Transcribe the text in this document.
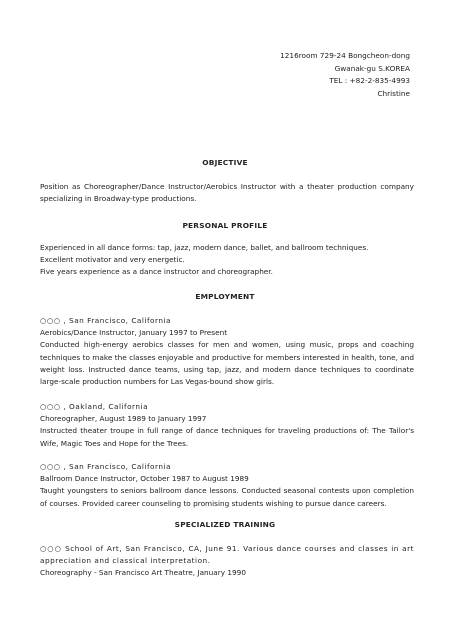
1216room 729-24 Bongcheon-dong
Gwanak-gu S.KOREA
TEL : +82-2-835-4993
Christine
OBJECTIVE
Position as Choreographer/Dance Instructor/Aerobics Instructor with a theater production company specializing in Broadway-type productions.
PERSONAL PROFILE
Experienced in all dance forms: tap, jazz, modern dance, ballet, and ballroom techniques.
Excellent motivator and very energetic.
Five years experience as a dance instructor and choreographer.
EMPLOYMENT
○○○ , San Francisco, California
Aerobics/Dance Instructor, January 1997 to Present
Conducted high-energy aerobics classes for men and women, using music, props and coaching techniques to make the classes enjoyable and productive for members interested in health, tone, and weight loss. Instructed dance teams, using tap, jazz, and modern dance techniques to coordinate large-scale production numbers for Las Vegas-bound show girls.
○○○ , Oakland, California
Choreographer, August 1989 to January 1997
Instructed theater troupe in full range of dance techniques for traveling productions of: The Tailor's Wife, Magic Toes and Hope for the Trees.
○○○ , San Francisco, California
Ballroom Dance Instructor, October 1987 to August 1989
Taught youngsters to seniors ballroom dance lessons. Conducted seasonal contests upon completion of courses. Provided career counseling to promising students wishing to pursue dance careers.
SPECIALIZED TRAINING
○○○ School of Art, San Francisco, CA, June 91. Various dance courses and classes in art appreciation and classical interpretation.
Choreography - San Francisco Art Theatre, January 1990
